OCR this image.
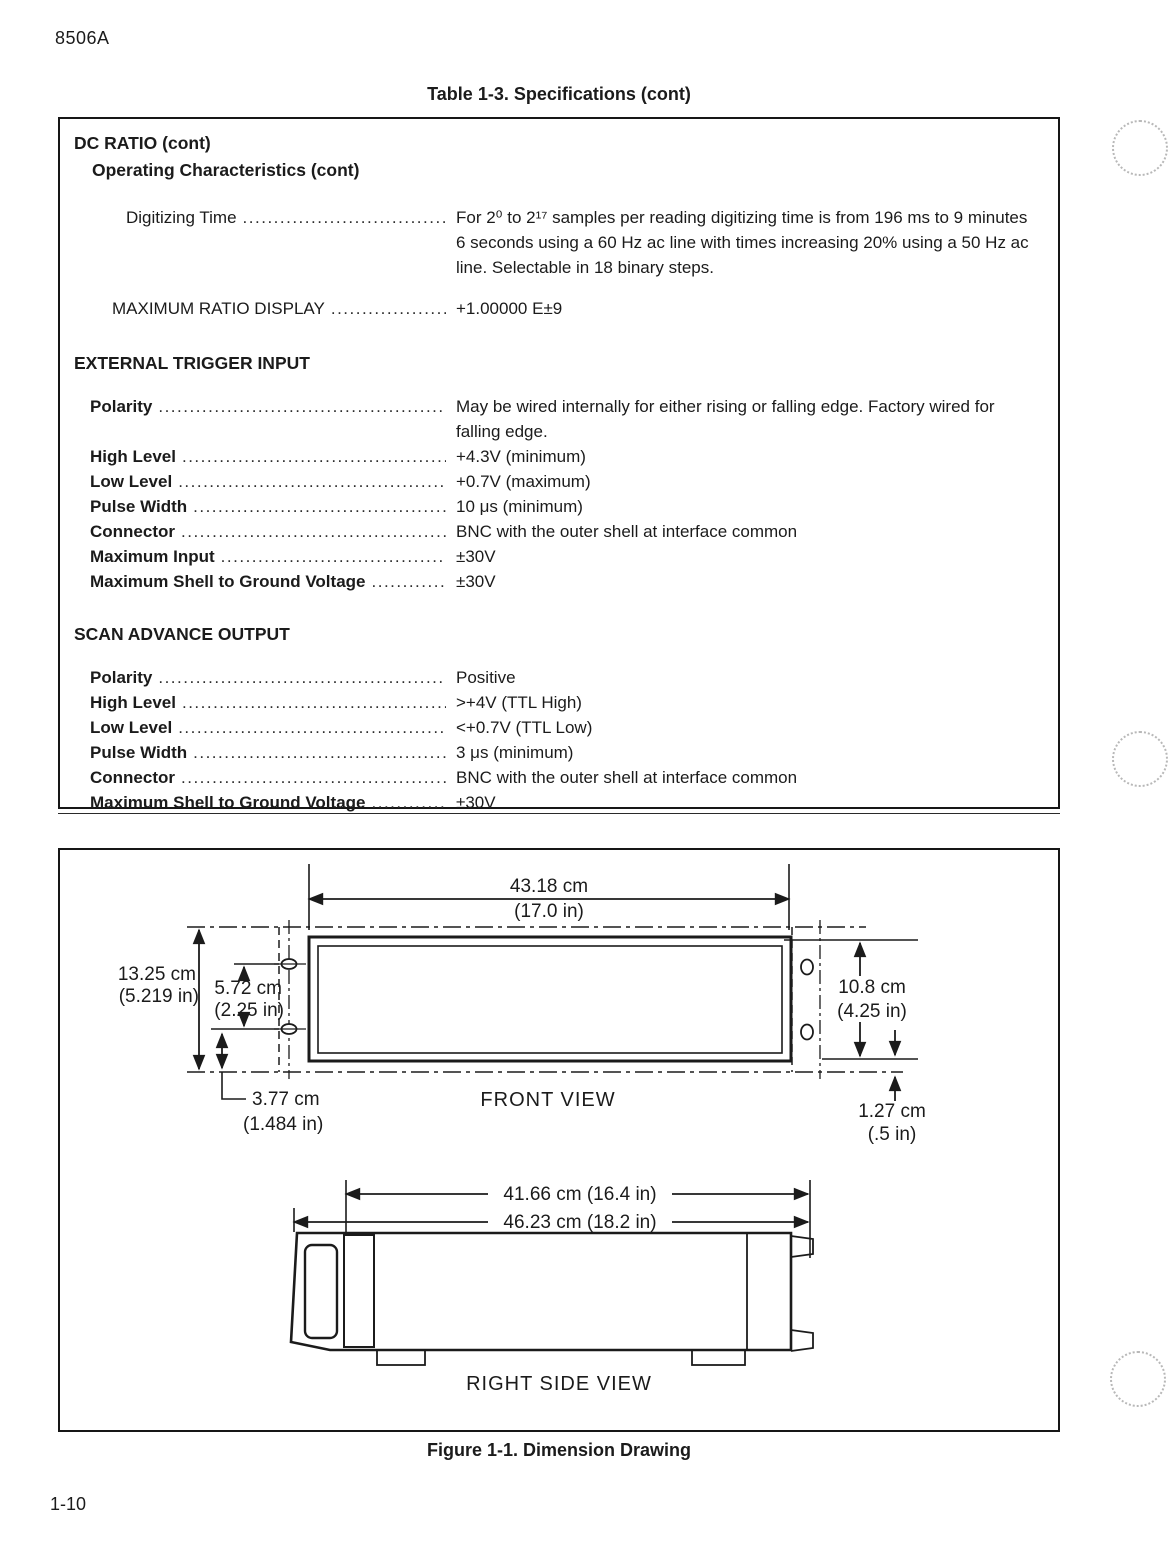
8506A
Table 1-3. Specifications (cont)
DC RATIO (cont)
Operating Characteristics (cont)
Digitizing Time .....	For 2⁰ to 2¹⁷ samples per reading digitizing time is from 196 ms to 9 minutes 6 seconds using a 60 Hz ac line with times increasing 20% using a 50 Hz ac line. Selectable in 18 binary steps.
MAXIMUM RATIO DISPLAY .....	+1.00000 E±9
EXTERNAL TRIGGER INPUT
Polarity .....	May be wired internally for either rising or falling edge. Factory wired for falling edge.
High Level .....	+4.3V (minimum)
Low Level .....	+0.7V (maximum)
Pulse Width .....	10 μs (minimum)
Connector .....	BNC with the outer shell at interface common
Maximum Input .....	±30V
Maximum Shell to Ground Voltage .....	±30V
SCAN ADVANCE OUTPUT
Polarity .....	Positive
High Level .....	>+4V (TTL High)
Low Level .....	<+0.7V (TTL Low)
Pulse Width .....	3 μs (minimum)
Connector .....	BNC with the outer shell at interface common
Maximum Shell to Ground Voltage .....	±30V
43.18 cm
(17.0 in)
13.25 cm
(5.219 in) 5.72 cm
(2.25 in)
3.77 cm
(1.484 in)
10.8 cm
(4.25 in)
1.27 cm
(.5 in)
FRONT VIEW
41.66 cm (16.4 in)
46.23 cm (18.2 in)
RIGHT SIDE VIEW
Figure 1-1. Dimension Drawing
1-10
